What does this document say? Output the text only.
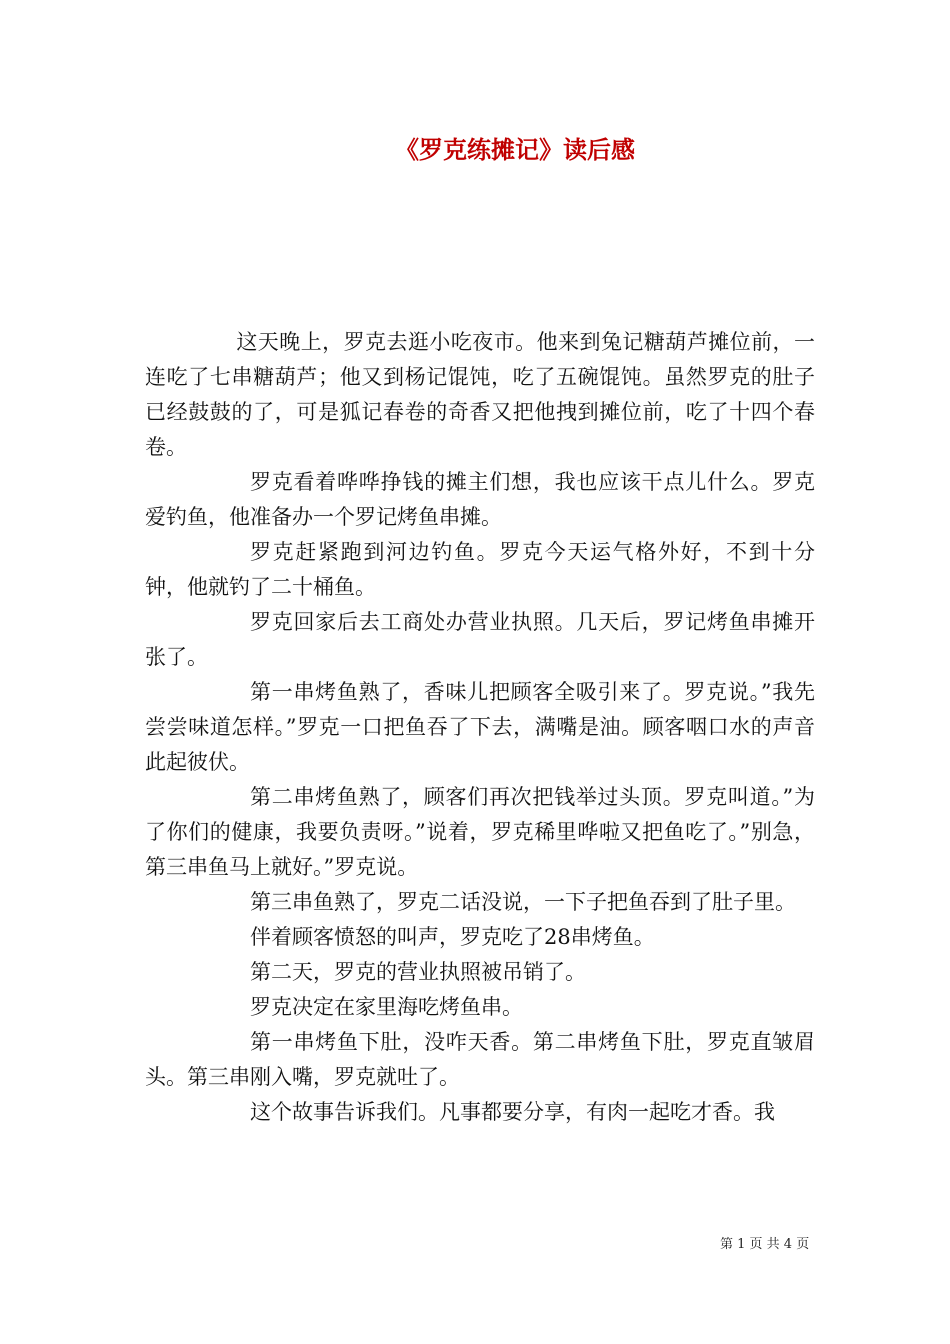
《罗克练摊记》读后感

这天晚上，罗克去逛小吃夜市。他来到兔记糖葫芦摊位前，一连吃了七串糖葫芦；他又到杨记馄饨，吃了五碗馄饨。虽然罗克的肚子已经鼓鼓的了，可是狐记春卷的奇香又把他拽到摊位前，吃了十四个春卷。

罗克看着哗哗挣钱的摊主们想，我也应该干点儿什么。罗克爱钓鱼，他准备办一个罗记烤鱼串摊。

罗克赶紧跑到河边钓鱼。罗克今天运气格外好，不到十分钟，他就钓了二十桶鱼。

罗克回家后去工商处办营业执照。几天后，罗记烤鱼串摊开张了。

第一串烤鱼熟了，香味儿把顾客全吸引来了。罗克说。”我先尝尝味道怎样。”罗克一口把鱼吞了下去，满嘴是油。顾客咽口水的声音此起彼伏。

第二串烤鱼熟了，顾客们再次把钱举过头顶。罗克叫道。”为了你们的健康，我要负责呀。”说着，罗克稀里哗啦又把鱼吃了。”别急，第三串鱼马上就好。”罗克说。

第三串鱼熟了，罗克二话没说，一下子把鱼吞到了肚子里。

伴着顾客愤怒的叫声，罗克吃了28串烤鱼。

第二天，罗克的营业执照被吊销了。

罗克决定在家里海吃烤鱼串。

第一串烤鱼下肚，没咋天香。第二串烤鱼下肚，罗克直皱眉头。第三串刚入嘴，罗克就吐了。

这个故事告诉我们。凡事都要分享，有肉一起吃才香。我

第 1 页 共 4 页
